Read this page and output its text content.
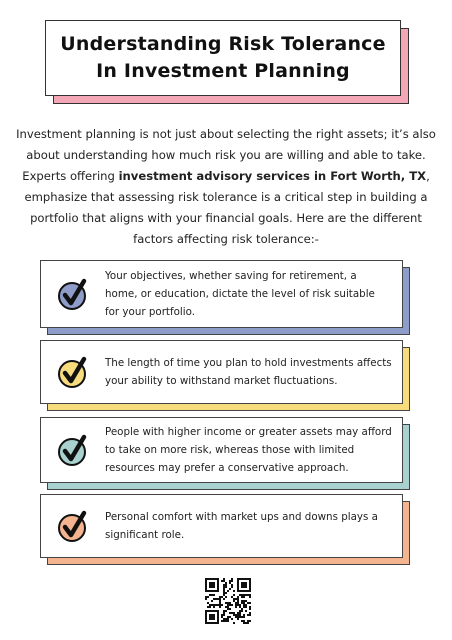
Understanding Risk Tolerance
In Investment Planning
Investment planning is not just about selecting the right assets; it’s also about understanding how much risk you are willing and able to take. Experts offering investment advisory services in Fort Worth, TX, emphasize that assessing risk tolerance is a critical step in building a portfolio that aligns with your financial goals. Here are the different factors affecting risk tolerance:-
Your objectives, whether saving for retirement, a home, or education, dictate the level of risk suitable for your portfolio.
The length of time you plan to hold investments affects your ability to withstand market fluctuations.
People with higher income or greater assets may afford to take on more risk, whereas those with limited resources may prefer a conservative approach.
Personal comfort with market ups and downs plays a significant role.
